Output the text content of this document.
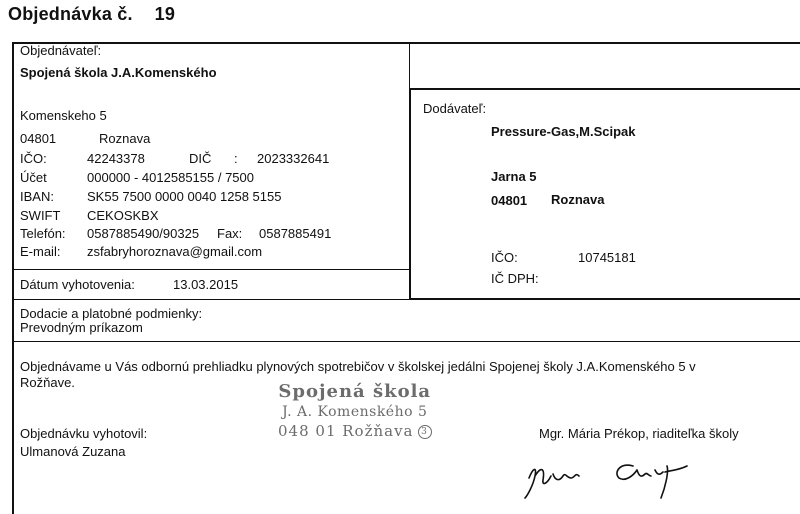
Objednávka č. 19
Objednávateľ:
Spojená škola J.A.Komenského
Komenskeho 5
04801	Roznava
IČO:	42243378	DIČ : 2023332641
Účet	000000 - 4012585155 / 7500
IBAN:	SK55 7500 0000 0040 1258 5155
SWIFT CEKOSKBX
Telefón: 0587885490/90325 Fax: 0587885491
E-mail: zsfabryhoroznava@gmail.com
Dátum vyhotovenia:	13.03.2015
Dodávateľ:
Pressure-Gas,M.Scipak
Jarna 5
04801 Roznava
IČO:	10745181
IČ DPH:
Dodacie a platobné podmienky:
Prevodným príkazom
Objednávame u Vás odbornú prehliadku plynových spotrebičov v školskej jedálni Spojenej školy J.A.Komenského 5 v
Rožňave.
Objednávku vyhotovil:
Ulmanová Zuzana
Spojená škola
J. A. Komenského 5
048 01 Rožňava 3	Mgr. Mária Prékop, riaditeľka školy
